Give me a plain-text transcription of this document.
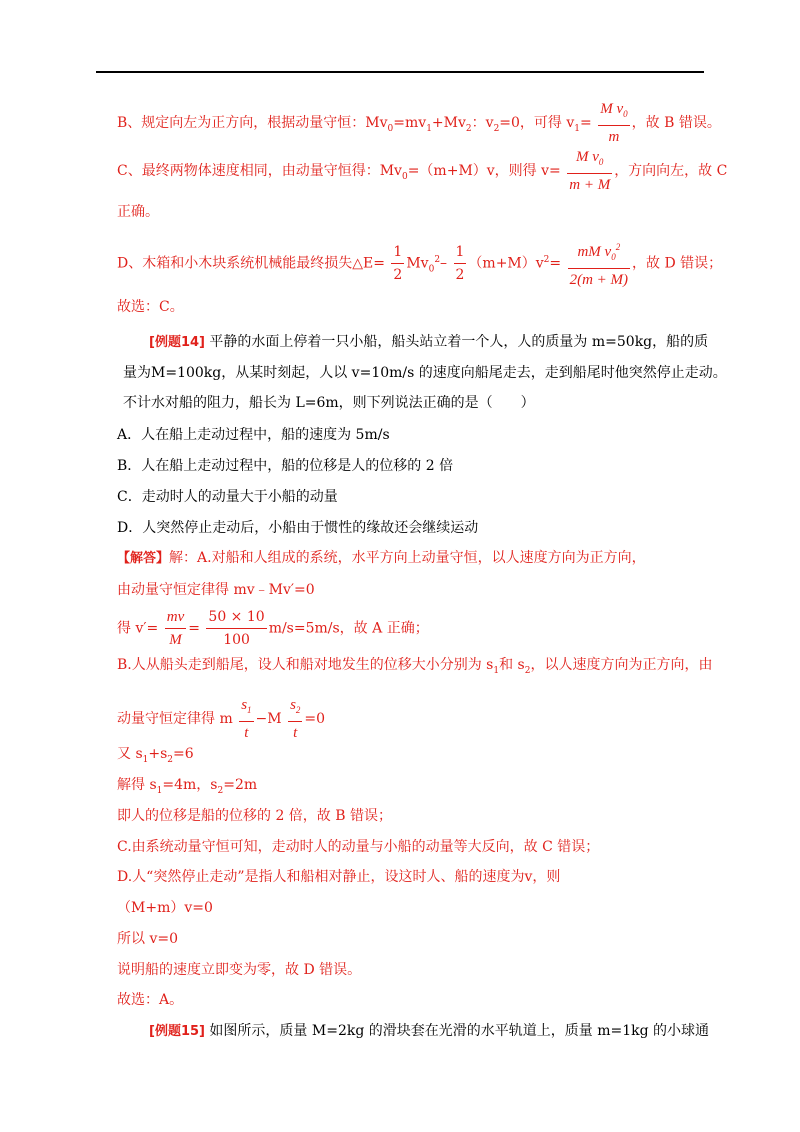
B、规定向左为正方向，根据动量守恒：$Mv_0=mv_1+Mv_2$：$v_2=0$，可得 $v_1= \frac{M v_0}{m}$ ，故 B 错误。
C、最终两物体速度相同，由动量守恒得：$Mv_0=(m+M)v$，则得 $v= \frac{M v_0}{m + M}$ ，方向向左，故 C
正确。
D、木箱和小木块系统机械能最终损失△E= $\frac{1}{2} Mv_0^2- \frac{1}{2} (m+M)v^2= \frac{mM v_0^2}{2(m + M)}$ ，故 D 错误；
故选：C。
[例题14] 平静的水面上停着一只小船，船头站立着一个人，人的质量为 m=50kg，船的质
量为M=100kg，从某时刻起，人以 v=10m/s 的速度向船尾走去，走到船尾时他突然停止走动。
不计水对船的阻力，船长为 L=6m，则下列说法正确的是（　　）
A．人在船上走动过程中，船的速度为 5m/s
B．人在船上走动过程中，船的位移是人的位移的 2 倍
C．走动时人的动量大于小船的动量
D．人突然停止走动后，小船由于惯性的缘故还会继续运动
【解答】解：A.对船和人组成的系统，水平方向上动量守恒，以人速度方向为正方向，
由动量守恒定律得 mv﹣Mv′=0
得 $v'= \frac{mv}{M} = \frac{50 \times 10}{100} m/s=5m/s$，故 A 正确；
B.人从船头走到船尾，设人和船对地发生的位移大小分别为 $s_1$和 $s_2$，以人速度方向为正方向，由
动量守恒定律得 m $\frac{s_1}{t} -M \frac{s_2}{t} =0$
又 $s_1+s_2=6$
解得 $s_1=4m$，$s_2=2m$
即人的位移是船的位移的 2 倍，故 B 错误；
C.由系统动量守恒可知，走动时人的动量与小船的动量等大反向，故 C 错误；
D.人“突然停止走动”是指人和船相对静止，设这时人、船的速度为v，则
（M+m）v=0
所以 v=0
说明船的速度立即变为零，故 D 错误。
故选：A。
[例题15] 如图所示，质量 M=2kg 的滑块套在光滑的水平轨道上，质量 m=1kg 的小球通
